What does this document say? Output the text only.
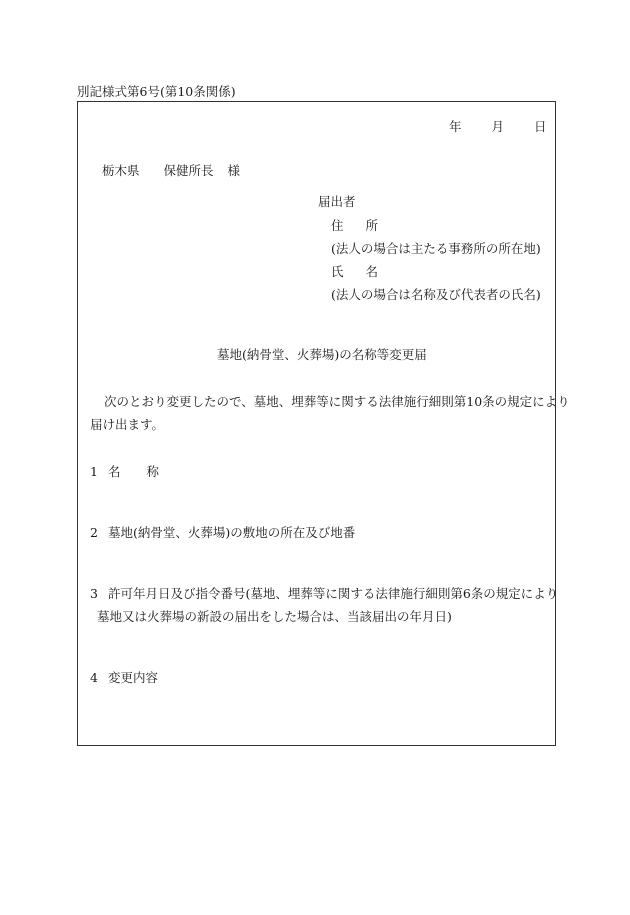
別記様式第6号(第10条関係)
年 月 日
栃木県 保健所長 様
届出者
住 所
(法人の場合は主たる事務所の所在地)
氏 名
(法人の場合は名称及び代表者の氏名)
墓地(納骨堂、火葬場)の名称等変更届
次のとおり変更したので、墓地、埋葬等に関する法律施行細則第10条の規定により
届け出ます。
1 名 称
2 墓地(納骨堂、火葬場)の敷地の所在及び地番
3 許可年月日及び指令番号(墓地、埋葬等に関する法律施行細則第6条の規定により
墓地又は火葬場の新設の届出をした場合は、当該届出の年月日)
4 変更内容
